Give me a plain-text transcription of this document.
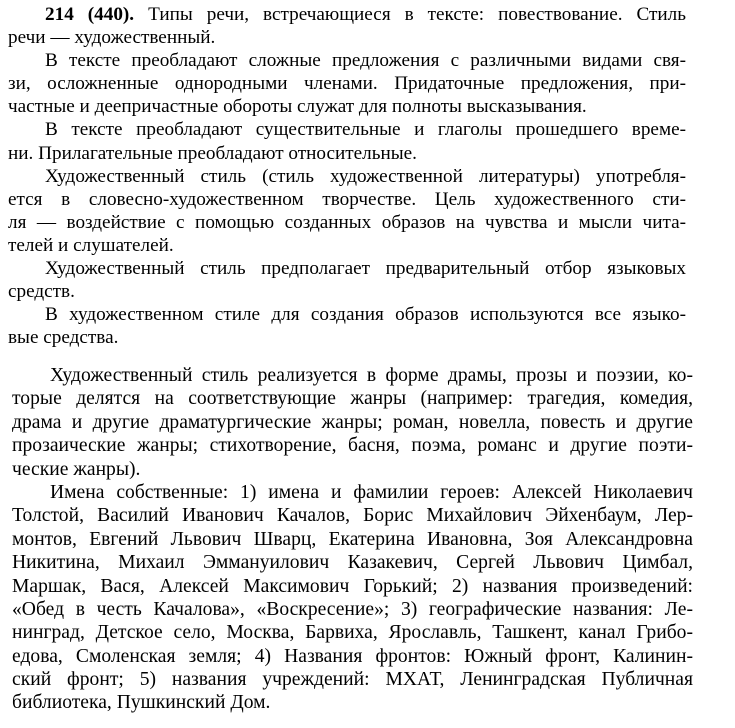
214 (440). Типы речи, встречающиеся в тексте: повествование. Стиль
речи — художественный.
В тексте преобладают сложные предложения с различными видами свя-
зи, осложненные однородными членами. Придаточные предложения, при-
частные и деепричастные обороты служат для полноты высказывания.
В тексте преобладают существительные и глаголы прошедшего време-
ни. Прилагательные преобладают относительные.
Художественный стиль (стиль художественной литературы) употребля-
ется в словесно-художественном творчестве. Цель художественного сти-
ля — воздействие с помощью созданных образов на чувства и мысли чита-
телей и слушателей.
Художественный стиль предполагает предварительный отбор языковых
средств.
В художественном стиле для создания образов используются все языко-
вые средства.
Художественный стиль реализуется в форме драмы, прозы и поэзии, ко-
торые делятся на соответствующие жанры (например: трагедия, комедия,
драма и другие драматургические жанры; роман, новелла, повесть и другие
прозаические жанры; стихотворение, басня, поэма, романс и другие поэти-
ческие жанры).
Имена собственные: 1) имена и фамилии героев: Алексей Николаевич
Толстой, Василий Иванович Качалов, Борис Михайлович Эйхенбаум, Лер-
монтов, Евгений Львович Шварц, Екатерина Ивановна, Зоя Александровна
Никитина, Михаил Эммануилович Казакевич, Сергей Львович Цимбал,
Маршак, Вася, Алексей Максимович Горький; 2) названия произведений:
«Обед в честь Качалова», «Воскресение»; 3) географические названия: Ле-
нинград, Детское село, Москва, Барвиха, Ярославль, Ташкент, канал Грибо-
едова, Смоленская земля; 4) Названия фронтов: Южный фронт, Калинин-
ский фронт; 5) названия учреждений: МХАТ, Ленинградская Публичная
библиотека, Пушкинский Дом.
